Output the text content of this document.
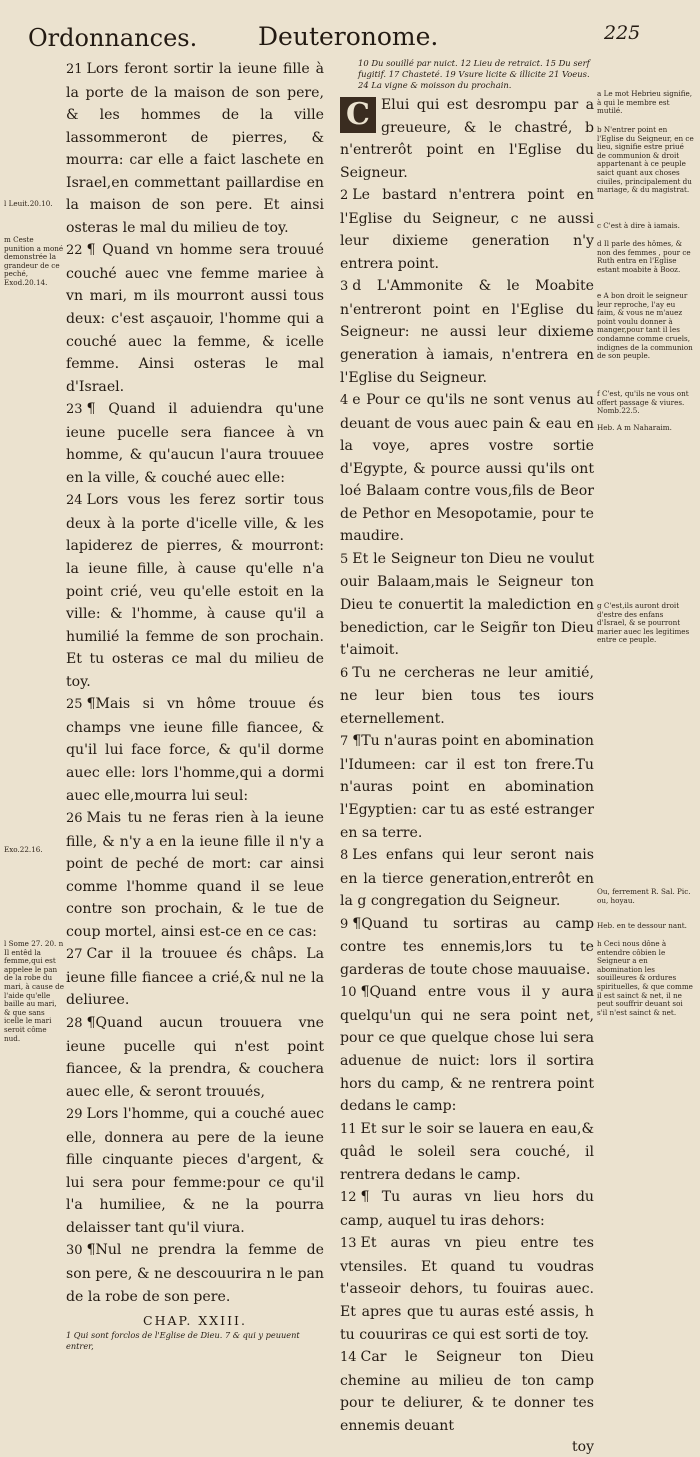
Ordonnances. Deuteronome.	225

21 Lors feront sortir la ieune fille à la porte de la maison de son pere, & les hommes de la ville lassommeront de pierres, & mourra: car elle a faict laschete en Israel,en commettant paillardise en la maison de son pere. Et ainsi osteras le mal du milieu de toy.

22 ¶ Quand vn homme sera trouué couché auec vne femme mariee à vn mari, m ils mourront aussi tous deux: c'est asçauoir, l'homme qui a couché auec la femme, & icelle femme. Ainsi osteras le mal d'Israel.

23 ¶ Quand il aduiendra qu'une ieune pucelle sera fiancee à vn homme, & qu'aucun l'aura trouuee en la ville, & couché auec elle:

24 Lors vous les ferez sortir tous deux à la porte d'icelle ville, & les lapiderez de pierres, & mourront: la ieune fille, à cause qu'elle n'a point crié, veu qu'elle estoit en la ville: & l'homme, à cause qu'il a humilié la femme de son prochain. Et tu osteras ce mal du milieu de toy.

25 ¶Mais si vn hôme trouue és champs vne ieune fille fiancee, & qu'il lui face force, & qu'il dorme auec elle: lors l'homme,qui a dormi auec elle,mourra lui seul:

26 Mais tu ne feras rien à la ieune fille, & n'y a en la ieune fille il n'y a point de peché de mort: car ainsi comme l'homme quand il se leue contre son prochain, & le tue de coup mortel, ainsi est-ce en ce cas:

27 Car il la trouuee és châps. La ieune fille fiancee a crié,& nul ne la deliuree.

28 ¶Quand aucun trouuera vne ieune pucelle qui n'est point fiancee, & la prendra, & couchera auec elle, & seront trouués,

29 Lors l'homme, qui a couché auec elle, donnera au pere de la ieune fille cinquante pieces d'argent, & lui sera pour femme:pour ce qu'il l'a humiliee, & ne la pourra delaisser tant qu'il viura.

30 ¶Nul ne prendra la femme de son pere, & ne descouurira n le pan de la robe de son pere.

CHAP. XXIII.

1 Qui sont forclos de l'Eglise de Dieu. 7 & qui y peuuent entrer,

10 Du souillé par nuict. 12 Lieu de retraict. 15 Du serf fugitif. 17 Chasteté. 19 Vsure licite & illicite 21 Voeus. 24 La vigne & moisson du prochain.

C Elui qui est desrompu par a greueure, & le chastré, b n'entrerôt point en l'Eglise du Seigneur.

2 Le bastard n'entrera point en l'Eglise du Seigneur, c ne aussi leur dixieme generation n'y entrera point.

3 d L'Ammonite & le Moabite n'entreront point en l'Eglise du Seigneur: ne aussi leur dixieme generation à iamais, n'entrera en l'Eglise du Seigneur.

4 e Pour ce qu'ils ne sont venus au deuant de vous auec pain & eau en la voye, apres vostre sortie d'Egypte, & pource aussi qu'ils ont loé Balaam contre vous,fils de Beor de Pethor en Mesopotamie, pour te maudire.

5 Et le Seigneur ton Dieu ne voulut ouir Balaam,mais le Seigneur ton Dieu te conuertit la malediction en benediction, car le Seigñr ton Dieu t'aimoit.

6 Tu ne cercheras ne leur amitié, ne leur bien tous tes iours eternellement.

7 ¶Tu n'auras point en abomination l'Idumeen: car il est ton frere.Tu n'auras point en abomination l'Egyptien: car tu as esté estranger en sa terre.

8 Les enfans qui leur seront nais en la tierce generation,entrerôt en la g congregation du Seigneur.

9 ¶Quand tu sortiras au camp contre tes ennemis,lors tu te garderas de toute chose mauuaise.

10 ¶Quand entre vous il y aura quelqu'un qui ne sera point net, pour ce que quelque chose lui sera aduenue de nuict: lors il sortira hors du camp, & ne rentrera point dedans le camp:

11 Et sur le soir se lauera en eau,& quâd le soleil sera couché, il rentrera dedans le camp.

12 ¶ Tu auras vn lieu hors du camp, auquel tu iras dehors:

13 Et auras vn pieu entre tes vtensiles. Et quand tu voudras t'asseoir dehors, tu fouiras auec. Et apres que tu auras esté assis, h tu couuriras ce qui est sorti de toy.

14 Car le Seigneur ton Dieu chemine au milieu de ton camp pour te deliurer, & te donner tes ennemis deuant

toy

l Leuit.20.10.
m Ceste punition a moné demonstrée la grandeur de ce peché, Exod.20.14.
Exo.22.16.
l Some 27. 20. n Il entêd la femme,qui est appelee le pan de la robe du mari, à cause de l'aide qu'elle baille au mari, & que sans icelle le mari seroit côme nud.
a Le mot Hebrieu signifie, à qui le membre est mutilé.
b N'entrer point en l'Eglise du Seigneur, en ce lieu, signifie estre priué de communion & droit appartenant à ce peuple saict quant aux choses ciuiles, principalement du mariage, & du magistrat.
c C'est à dire à iamais.
d Il parle des hômes, & non des femmes , pour ce Ruth entra en l'Eglise estant moabite à Booz.
e A bon droit le seigneur leur reproche, l'ay eu faim, & vous ne m'auez point voulu donner à manger,pour tant il les condamne comme cruels, indignes de la communion de son peuple.
f C'est, qu'ils ne vous ont offert passage & viures. Nomb.22.5.
Heb. A m Naharaim.
g C'est,ils auront droit d'estre des enfans d'Israel, & se pourront marier auec les legitimes entre ce peuple.
Ou, ferrement R. Sal. Pic. ou, hoyau.
Heb. en te dessour nant.
h Ceci nous dône à entendre côbien le Seigneur a en abomination les souilleures & ordures spirituelles, & que comme il est sainct & net, il ne peut souffrir deuant soi s'il n'est sainct & net.
